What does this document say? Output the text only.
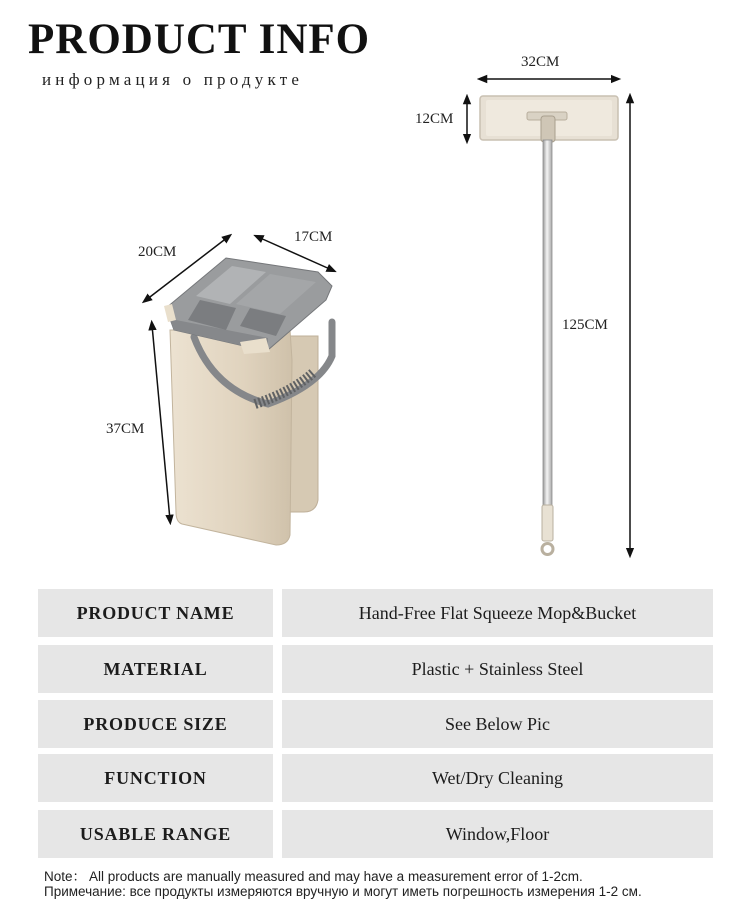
PRODUCT INFO
информация о продукте
32CM
12CM
125CM
20CM
17CM
37CM
PRODUCT NAME	Hand-Free Flat Squeeze Mop&Bucket
MATERIAL	Plastic + Stainless Steel
PRODUCE SIZE	See Below Pic
FUNCTION	Wet/Dry Cleaning
USABLE RANGE	Window,Floor
Note： All products are manually measured and may have a measurement error of 1-2cm.
Примечание: все продукты измеряются вручную и могут иметь погрешность измерения 1-2 см.
